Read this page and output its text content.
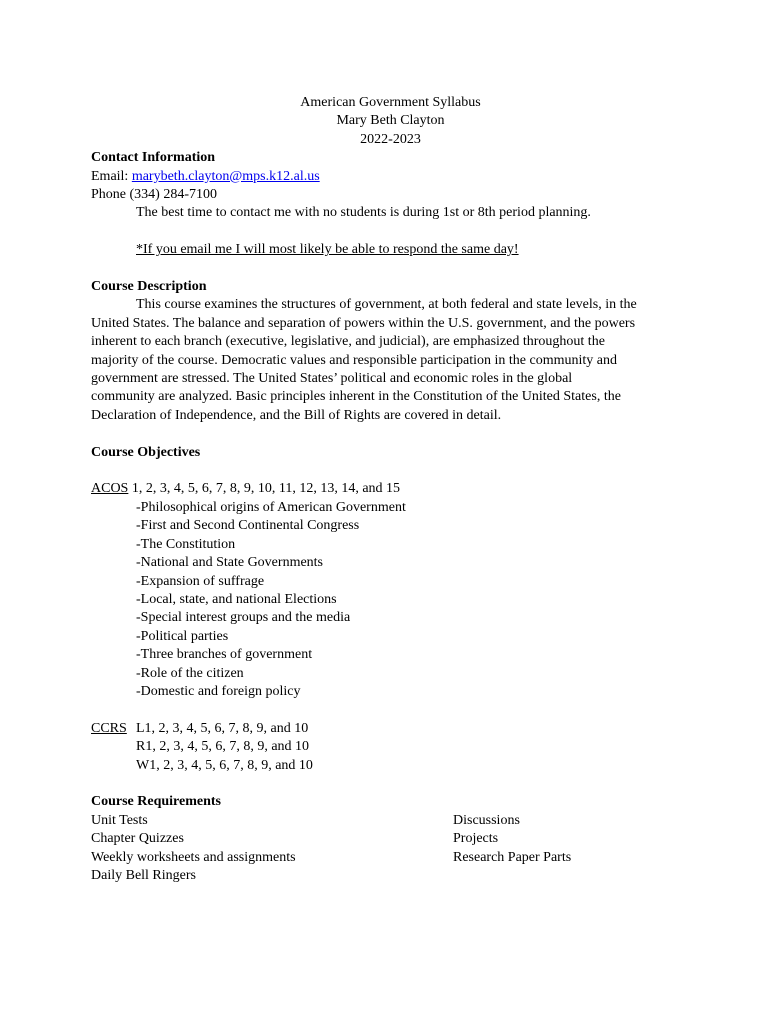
American Government Syllabus
Mary Beth Clayton
2022-2023
Contact Information
Email: marybeth.clayton@mps.k12.al.us
Phone (334) 284-7100
The best time to contact me with no students is during 1st or 8th period planning.
*If you email me I will most likely be able to respond the same day!
Course Description
This course examines the structures of government, at both federal and state levels, in the
United States. The balance and separation of powers within the U.S. government, and the powers
inherent to each branch (executive, legislative, and judicial), are emphasized throughout the
majority of the course. Democratic values and responsible participation in the community and
government are stressed. The United States’ political and economic roles in the global
community are analyzed. Basic principles inherent in the Constitution of the United States, the
Declaration of Independence, and the Bill of Rights are covered in detail.
Course Objectives
ACOS 1, 2, 3, 4, 5, 6, 7, 8, 9, 10, 11, 12, 13, 14, and 15
-Philosophical origins of American Government
-First and Second Continental Congress
-The Constitution
-National and State Governments
-Expansion of suffrage
-Local, state, and national Elections
-Special interest groups and the media
-Political parties
-Three branches of government
-Role of the citizen
-Domestic and foreign policy
CCRS L1, 2, 3, 4, 5, 6, 7, 8, 9, and 10
R1, 2, 3, 4, 5, 6, 7, 8, 9, and 10
W1, 2, 3, 4, 5, 6, 7, 8, 9, and 10
Course Requirements
Unit Tests
Chapter Quizzes
Weekly worksheets and assignments
Daily Bell Ringers
Discussions
Projects
Research Paper Parts
